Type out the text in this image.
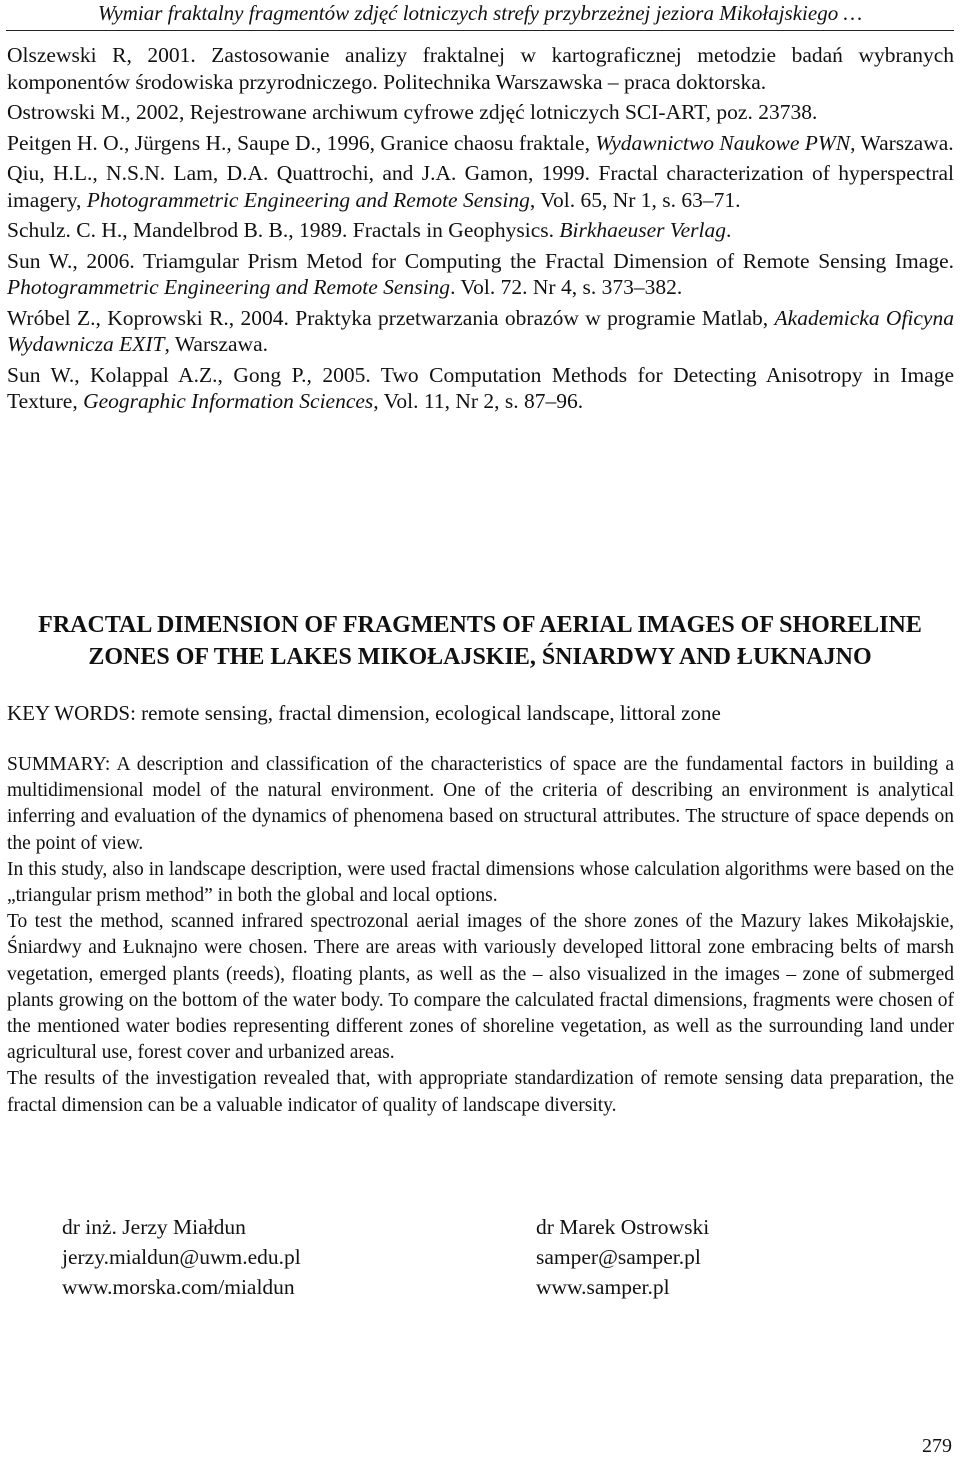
Wymiar fraktalny fragmentów zdjęć lotniczych strefy przybrzeżnej jeziora Mikołajskiego …

Olszewski R, 2001. Zastosowanie analizy fraktalnej w kartograficznej metodzie badań wybranych komponentów środowiska przyrodniczego. Politechnika Warszawska – praca doktorska.

Ostrowski M., 2002, Rejestrowane archiwum cyfrowe zdjęć lotniczych SCI-ART, poz. 23738.

Peitgen H. O., Jürgens H., Saupe D., 1996, Granice chaosu fraktale, Wydawnictwo Naukowe PWN, Warszawa.

Qiu, H.L., N.S.N. Lam, D.A. Quattrochi, and J.A. Gamon, 1999. Fractal characterization of hyperspectral imagery, Photogrammetric Engineering and Remote Sensing, Vol. 65, Nr 1, s. 63–71.

Schulz. C. H., Mandelbrod B. B., 1989. Fractals in Geophysics. Birkhaeuser Verlag.

Sun W., 2006. Triamgular Prism Metod for Computing the Fractal Dimension of Remote Sensing Image. Photogrammetric Engineering and Remote Sensing. Vol. 72. Nr 4, s. 373–382.

Wróbel Z., Koprowski R., 2004. Praktyka przetwarzania obrazów w programie Matlab, Akademicka Oficyna Wydawnicza EXIT, Warszawa.

Sun W., Kolappal A.Z., Gong P., 2005. Two Computation Methods for Detecting Anisotropy in Image Texture, Geographic Information Sciences, Vol. 11, Nr 2, s. 87–96.

FRACTAL DIMENSION OF FRAGMENTS OF AERIAL IMAGES OF SHORELINE
ZONES OF THE LAKES MIKOŁAJSKIE, ŚNIARDWY AND ŁUKNAJNO
KEY WORDS: remote sensing, fractal dimension, ecological landscape, littoral zone

SUMMARY: A description and classification of the characteristics of space are the fundamental factors in building a multidimensional model of the natural environment. One of the criteria of describing an environment is analytical inferring and evaluation of the dynamics of phenomena based on structural attributes. The structure of space depends on the point of view.

In this study, also in landscape description, were used fractal dimensions whose calculation algorithms were based on the „triangular prism method” in both the global and local options.

To test the method, scanned infrared spectrozonal aerial images of the shore zones of the Mazury lakes Mikołajskie, Śniardwy and Łuknajno were chosen. There are areas with variously developed littoral zone embracing belts of marsh vegetation, emerged plants (reeds), floating plants, as well as the – also visualized in the images – zone of submerged plants growing on the bottom of the water body. To compare the calculated fractal dimensions, fragments were chosen of the mentioned water bodies representing different zones of shoreline vegetation, as well as the surrounding land under agricultural use, forest cover and urbanized areas.

The results of the investigation revealed that, with appropriate standardization of remote sensing data preparation, the fractal dimension can be a valuable indicator of quality of landscape diversity.

dr inż. Jerzy Miałdun
jerzy.mialdun@uwm.edu.pl
www.morska.com/mialdun
dr Marek Ostrowski
samper@samper.pl
www.samper.pl
279
